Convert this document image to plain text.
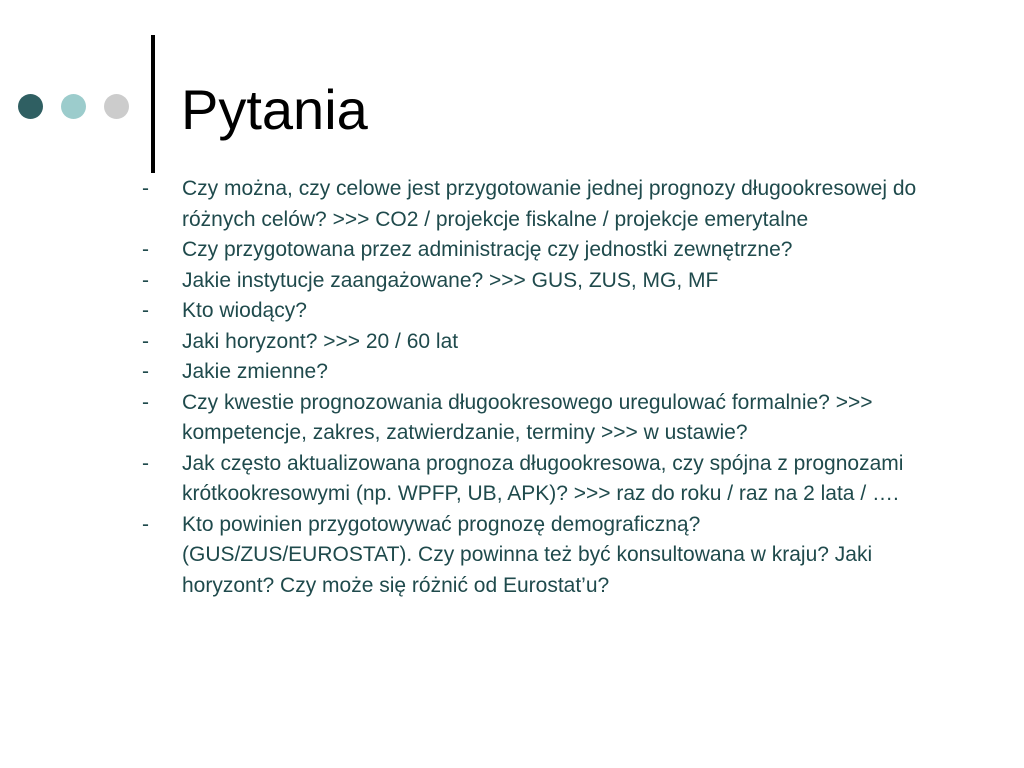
Pytania
-	Czy można, czy celowe jest przygotowanie jednej prognozy długookresowej do różnych celów? >>> CO2 / projekcje fiskalne / projekcje emerytalne
-	Czy przygotowana przez administrację czy jednostki zewnętrzne?
-	Jakie instytucje zaangażowane? >>> GUS, ZUS, MG, MF
-	Kto wiodący?
-	Jaki horyzont? >>> 20 / 60 lat
-	Jakie zmienne?
-	Czy kwestie prognozowania długookresowego uregulować formalnie? >>> kompetencje, zakres, zatwierdzanie, terminy >>> w ustawie?
-	Jak często aktualizowana prognoza długookresowa, czy spójna z prognozami krótkookresowymi (np. WPFP, UB, APK)? >>> raz do roku / raz na 2 lata / ….
-	Kto powinien przygotowywać prognozę demograficzną? (GUS/ZUS/EUROSTAT). Czy powinna też być konsultowana w kraju? Jaki horyzont? Czy może się różnić od Eurostat’u?
